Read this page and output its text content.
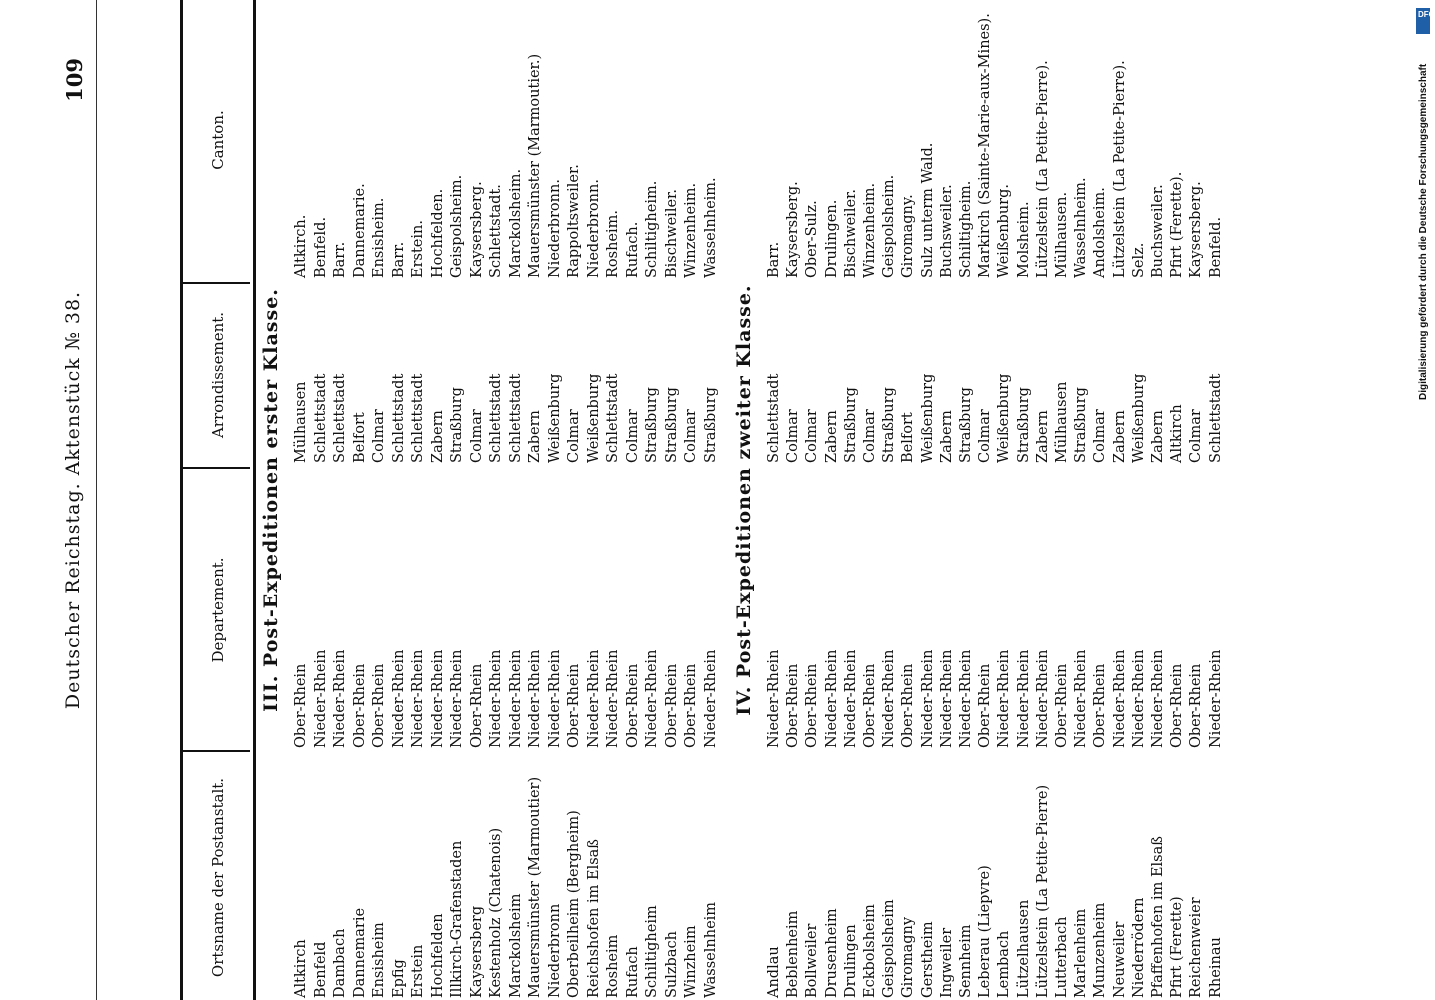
Deutscher Reichstag. Aktenstück № 38.
109
Ortsname der Postanstalt.
Departement.
Arrondissement.
Canton.
III. Post-Expeditionen erster Klasse.
Altkirch
Ober-Rhein
Mülhausen
Altkirch.
Benfeld
Nieder-Rhein
Schlettstadt
Benfeld.
Dambach
Nieder-Rhein
Schlettstadt
Barr.
Dannemarie
Ober-Rhein
Belfort
Dannemarie.
Ensisheim
Ober-Rhein
Colmar
Ensisheim.
Epfig
Nieder-Rhein
Schlettstadt
Barr.
Erstein
Nieder-Rhein
Schlettstadt
Erstein.
Hochfelden
Nieder-Rhein
Zabern
Hochfelden.
Illkirch-Grafenstaden
Nieder-Rhein
Straßburg
Geispolsheim.
Kaysersberg
Ober-Rhein
Colmar
Kaysersberg.
Kestenholz (Chatenois)
Nieder-Rhein
Schlettstadt
Schlettstadt.
Marckolsheim
Nieder-Rhein
Schlettstadt
Marckolsheim.
Mauersmünster (Marmoutier)
Nieder-Rhein
Zabern
Mauersmünster (Marmoutier.)
Niederbronn
Nieder-Rhein
Weißenburg
Niederbronn.
Oberbeilheim (Bergheim)
Ober-Rhein
Colmar
Rappoltsweiler.
Reichshofen im Elsaß
Nieder-Rhein
Weißenburg
Niederbronn.
Rosheim
Nieder-Rhein
Schlettstadt
Rosheim.
Rufach
Ober-Rhein
Colmar
Rufach.
Schiltigheim
Nieder-Rhein
Straßburg
Schiltigheim.
Sulzbach
Ober-Rhein
Straßburg
Bischweiler.
Winzheim
Ober-Rhein
Colmar
Winzenheim.
Wasselnheim
Nieder-Rhein
Straßburg
Wasselnheim.
IV. Post-Expeditionen zweiter Klasse.
Andlau
Nieder-Rhein
Schlettstadt
Barr.
Beblenheim
Ober-Rhein
Colmar
Kaysersberg.
Bollweiler
Ober-Rhein
Colmar
Ober-Sulz.
Drusenheim
Nieder-Rhein
Zabern
Drulingen.
Drulingen
Nieder-Rhein
Straßburg
Bischweiler.
Eckbolsheim
Ober-Rhein
Colmar
Winzenheim.
Geispolsheim
Nieder-Rhein
Straßburg
Geispolsheim.
Giromagny
Ober-Rhein
Belfort
Giromagny.
Gerstheim
Nieder-Rhein
Weißenburg
Sulz unterm Wald.
Ingweiler
Nieder-Rhein
Zabern
Buchsweiler.
Sennheim
Nieder-Rhein
Straßburg
Schiltigheim.
Leberau (Liepvre)
Ober-Rhein
Colmar
Markirch (Sainte-Marie-aux-Mines).
Lembach
Nieder-Rhein
Weißenburg
Weißenburg.
Lützelhausen
Nieder-Rhein
Straßburg
Molsheim.
Lützelstein (La Petite-Pierre)
Nieder-Rhein
Zabern
Lützelstein (La Petite-Pierre).
Lutterbach
Ober-Rhein
Mülhausen
Mülhausen.
Marlenheim
Nieder-Rhein
Straßburg
Wasselnheim.
Munzenheim
Ober-Rhein
Colmar
Andolsheim.
Neuweiler
Nieder-Rhein
Zabern
Lützelstein (La Petite-Pierre).
Niederrödern
Nieder-Rhein
Weißenburg
Selz.
Pfaffenhofen im Elsaß
Nieder-Rhein
Zabern
Buchsweiler.
Pfirt (Ferette)
Ober-Rhein
Altkirch
Pfirt (Ferette).
Reichenweier
Ober-Rhein
Colmar
Kaysersberg.
Rheinau
Nieder-Rhein
Schlettstadt
Benfeld.
DFG
Digitalisierung gefördert durch die Deutsche Forschungsgemeinschaft
